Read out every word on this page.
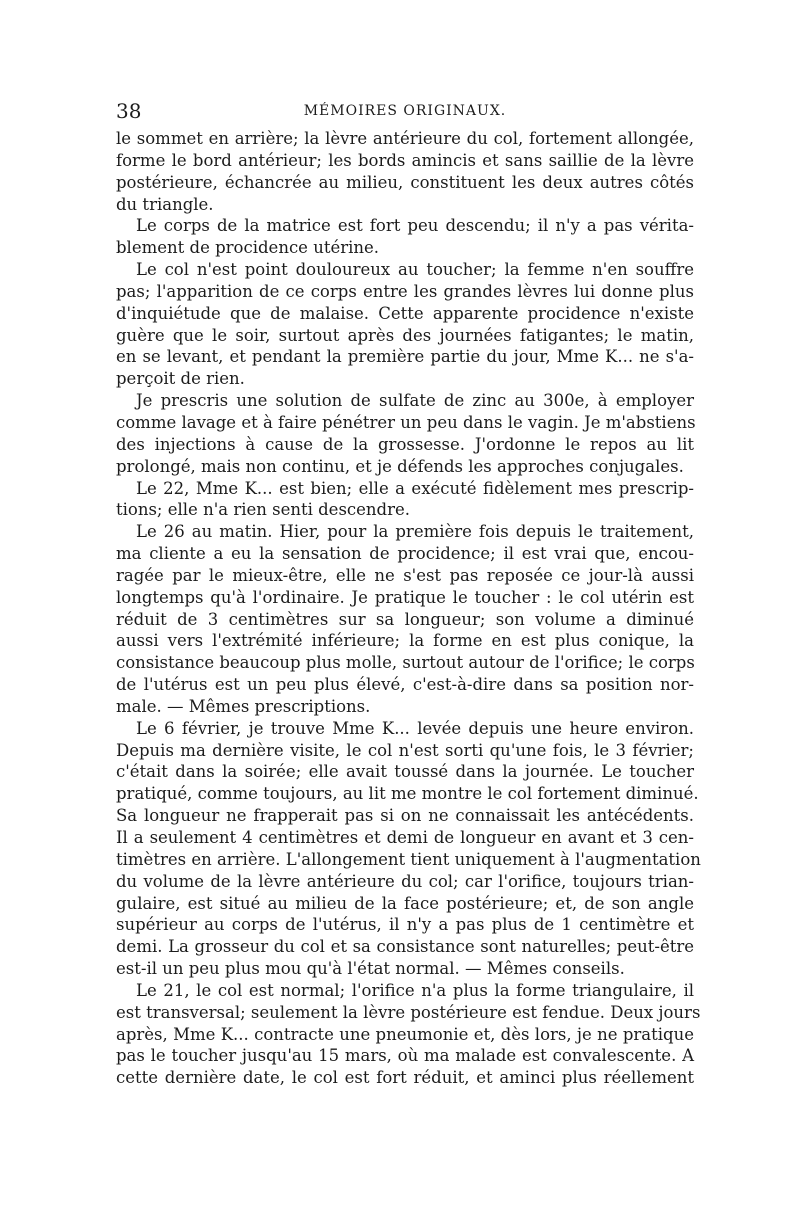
38	MÉMOIRES ORIGINAUX.
le sommet en arrière; la lèvre antérieure du col, fortement allongée,
forme le bord antérieur; les bords amincis et sans saillie de la lèvre
postérieure, échancrée au milieu, constituent les deux autres côtés
du triangle.
Le corps de la matrice est fort peu descendu; il n'y a pas vérita-
blement de procidence utérine.
Le col n'est point douloureux au toucher; la femme n'en souffre
pas; l'apparition de ce corps entre les grandes lèvres lui donne plus
d'inquiétude que de malaise. Cette apparente procidence n'existe
guère que le soir, surtout après des journées fatigantes; le matin,
en se levant, et pendant la première partie du jour, Mme K... ne s'a-
perçoit de rien.
Je prescris une solution de sulfate de zinc au 300e, à employer
comme lavage et à faire pénétrer un peu dans le vagin. Je m'abstiens
des injections à cause de la grossesse. J'ordonne le repos au lit
prolongé, mais non continu, et je défends les approches conjugales.
Le 22, Mme K... est bien; elle a exécuté fidèlement mes prescrip-
tions; elle n'a rien senti descendre.
Le 26 au matin. Hier, pour la première fois depuis le traitement,
ma cliente a eu la sensation de procidence; il est vrai que, encou-
ragée par le mieux-être, elle ne s'est pas reposée ce jour-là aussi
longtemps qu'à l'ordinaire. Je pratique le toucher : le col utérin est
réduit de 3 centimètres sur sa longueur; son volume a diminué
aussi vers l'extrémité inférieure; la forme en est plus conique, la
consistance beaucoup plus molle, surtout autour de l'orifice; le corps
de l'utérus est un peu plus élevé, c'est-à-dire dans sa position nor-
male. — Mêmes prescriptions.
Le 6 février, je trouve Mme K... levée depuis une heure environ.
Depuis ma dernière visite, le col n'est sorti qu'une fois, le 3 février;
c'était dans la soirée; elle avait toussé dans la journée. Le toucher
pratiqué, comme toujours, au lit me montre le col fortement diminué.
Sa longueur ne frapperait pas si on ne connaissait les antécédents.
Il a seulement 4 centimètres et demi de longueur en avant et 3 cen-
timètres en arrière. L'allongement tient uniquement à l'augmentation
du volume de la lèvre antérieure du col; car l'orifice, toujours trian-
gulaire, est situé au milieu de la face postérieure; et, de son angle
supérieur au corps de l'utérus, il n'y a pas plus de 1 centimètre et
demi. La grosseur du col et sa consistance sont naturelles; peut-être
est-il un peu plus mou qu'à l'état normal. — Mêmes conseils.
Le 21, le col est normal; l'orifice n'a plus la forme triangulaire, il
est transversal; seulement la lèvre postérieure est fendue. Deux jours
après, Mme K... contracte une pneumonie et, dès lors, je ne pratique
pas le toucher jusqu'au 15 mars, où ma malade est convalescente. A
cette dernière date, le col est fort réduit, et aminci plus réellement
